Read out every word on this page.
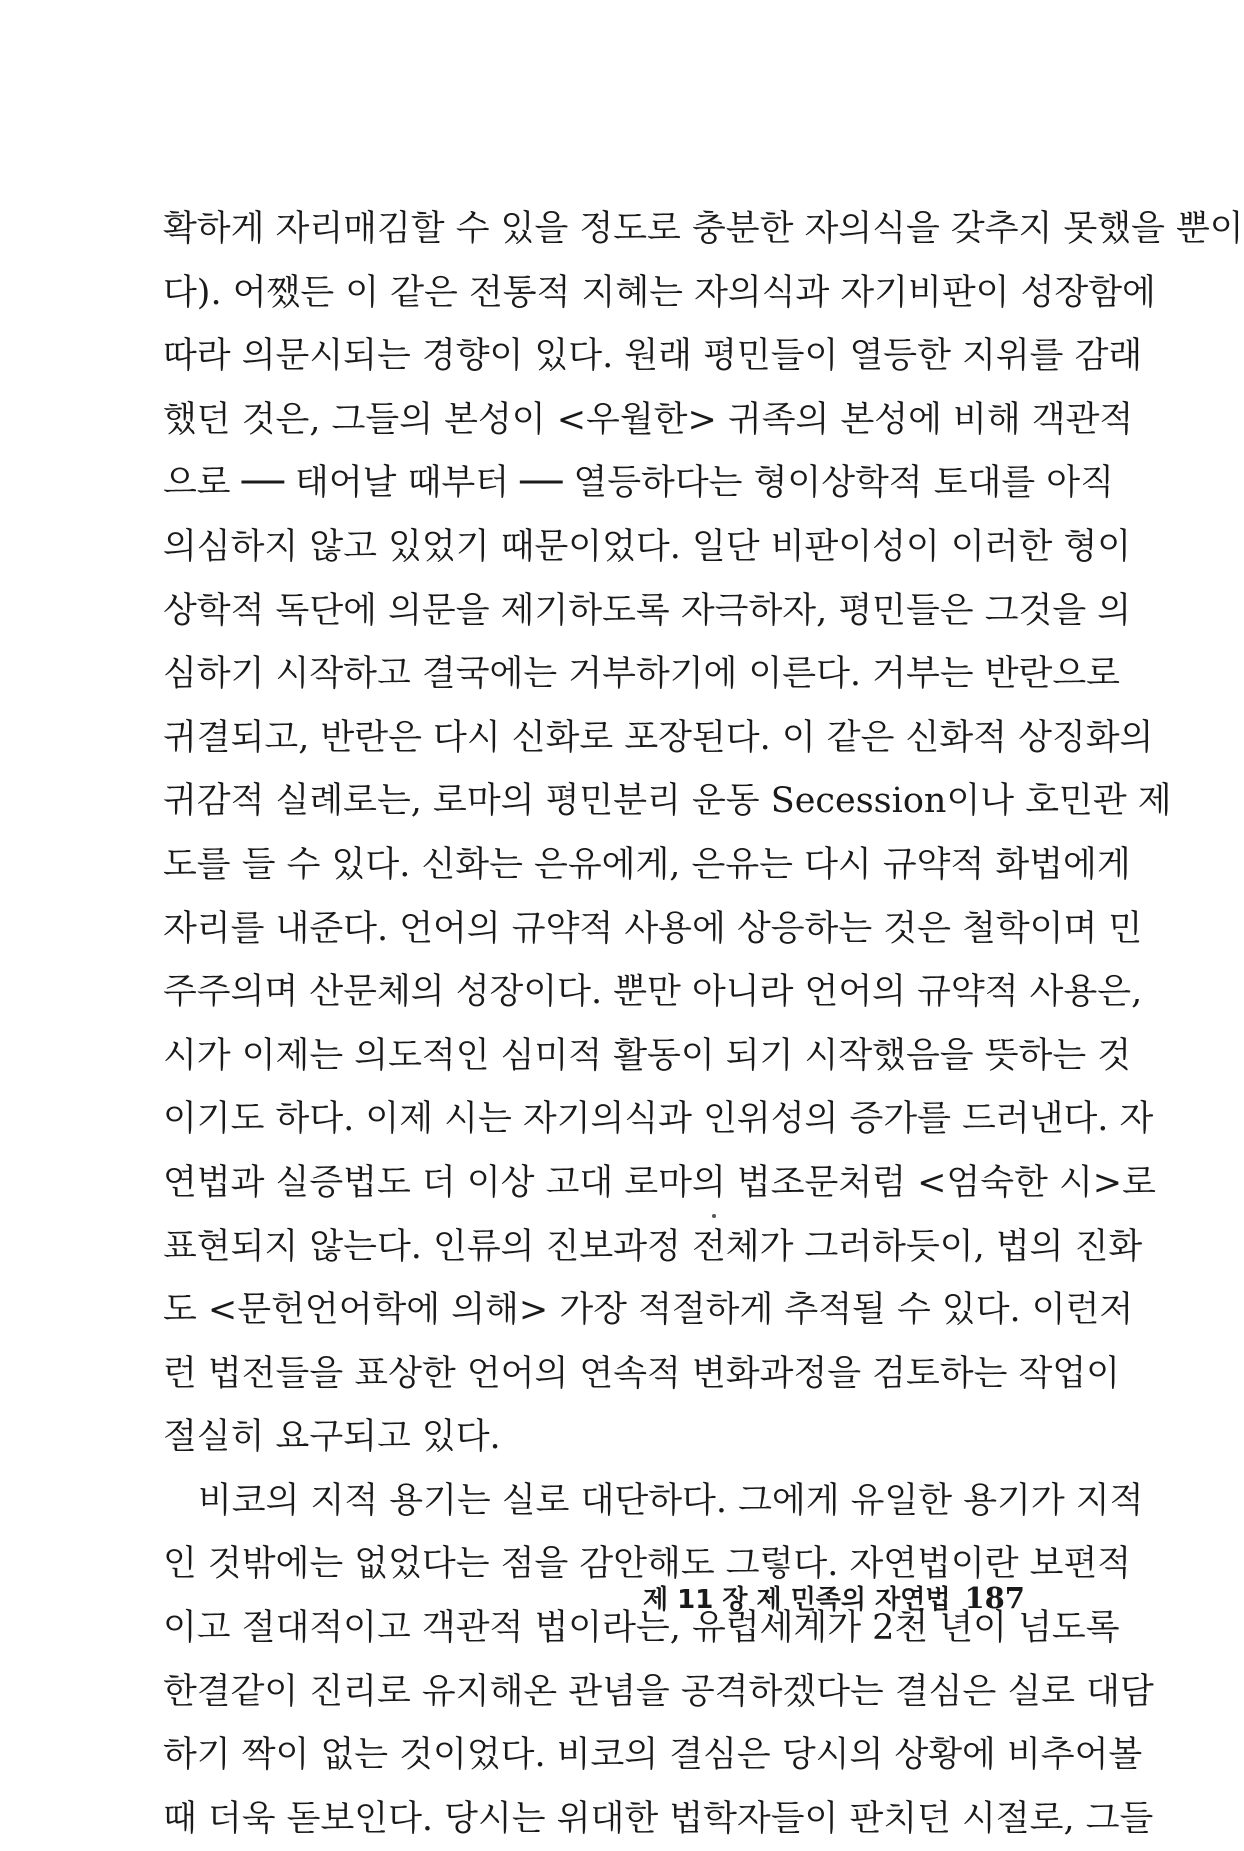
확하게 자리매김할 수 있을 정도로 충분한 자의식을 갖추지 못했을 뿐이
다). 어쨌든 이 같은 전통적 지혜는 자의식과 자기비판이 성장함에
따라 의문시되는 경향이 있다. 원래 평민들이 열등한 지위를 감래
했던 것은, 그들의 본성이 <우월한> 귀족의 본성에 비해 객관적
으로 ── 태어날 때부터 ── 열등하다는 형이상학적 토대를 아직
의심하지 않고 있었기 때문이었다. 일단 비판이성이 이러한 형이
상학적 독단에 의문을 제기하도록 자극하자, 평민들은 그것을 의
심하기 시작하고 결국에는 거부하기에 이른다. 거부는 반란으로
귀결되고, 반란은 다시 신화로 포장된다. 이 같은 신화적 상징화의
귀감적 실례로는, 로마의 평민분리 운동 Secession이나 호민관 제
도를 들 수 있다. 신화는 은유에게, 은유는 다시 규약적 화법에게
자리를 내준다. 언어의 규약적 사용에 상응하는 것은 철학이며 민
주주의며 산문체의 성장이다. 뿐만 아니라 언어의 규약적 사용은,
시가 이제는 의도적인 심미적 활동이 되기 시작했음을 뜻하는 것
이기도 하다. 이제 시는 자기의식과 인위성의 증가를 드러낸다. 자
연법과 실증법도 더 이상 고대 로마의 법조문처럼 <엄숙한 시>로
표현되지 않는다. 인류의 진보과정 전체가 그러하듯이, 법의 진화
도 <문헌언어학에 의해> 가장 적절하게 추적될 수 있다. 이런저
런 법전들을 표상한 언어의 연속적 변화과정을 검토하는 작업이
절실히 요구되고 있다.
비코의 지적 용기는 실로 대단하다. 그에게 유일한 용기가 지적
인 것밖에는 없었다는 점을 감안해도 그렇다. 자연법이란 보편적
이고 절대적이고 객관적 법이라는, 유럽세계가 2천 년이 넘도록
한결같이 진리로 유지해온 관념을 공격하겠다는 결심은 실로 대담
하기 짝이 없는 것이었다. 비코의 결심은 당시의 상황에 비추어볼
때 더욱 돋보인다. 당시는 위대한 법학자들이 판치던 시절로, 그들
제 11 장 제 민족의 자연법 187
